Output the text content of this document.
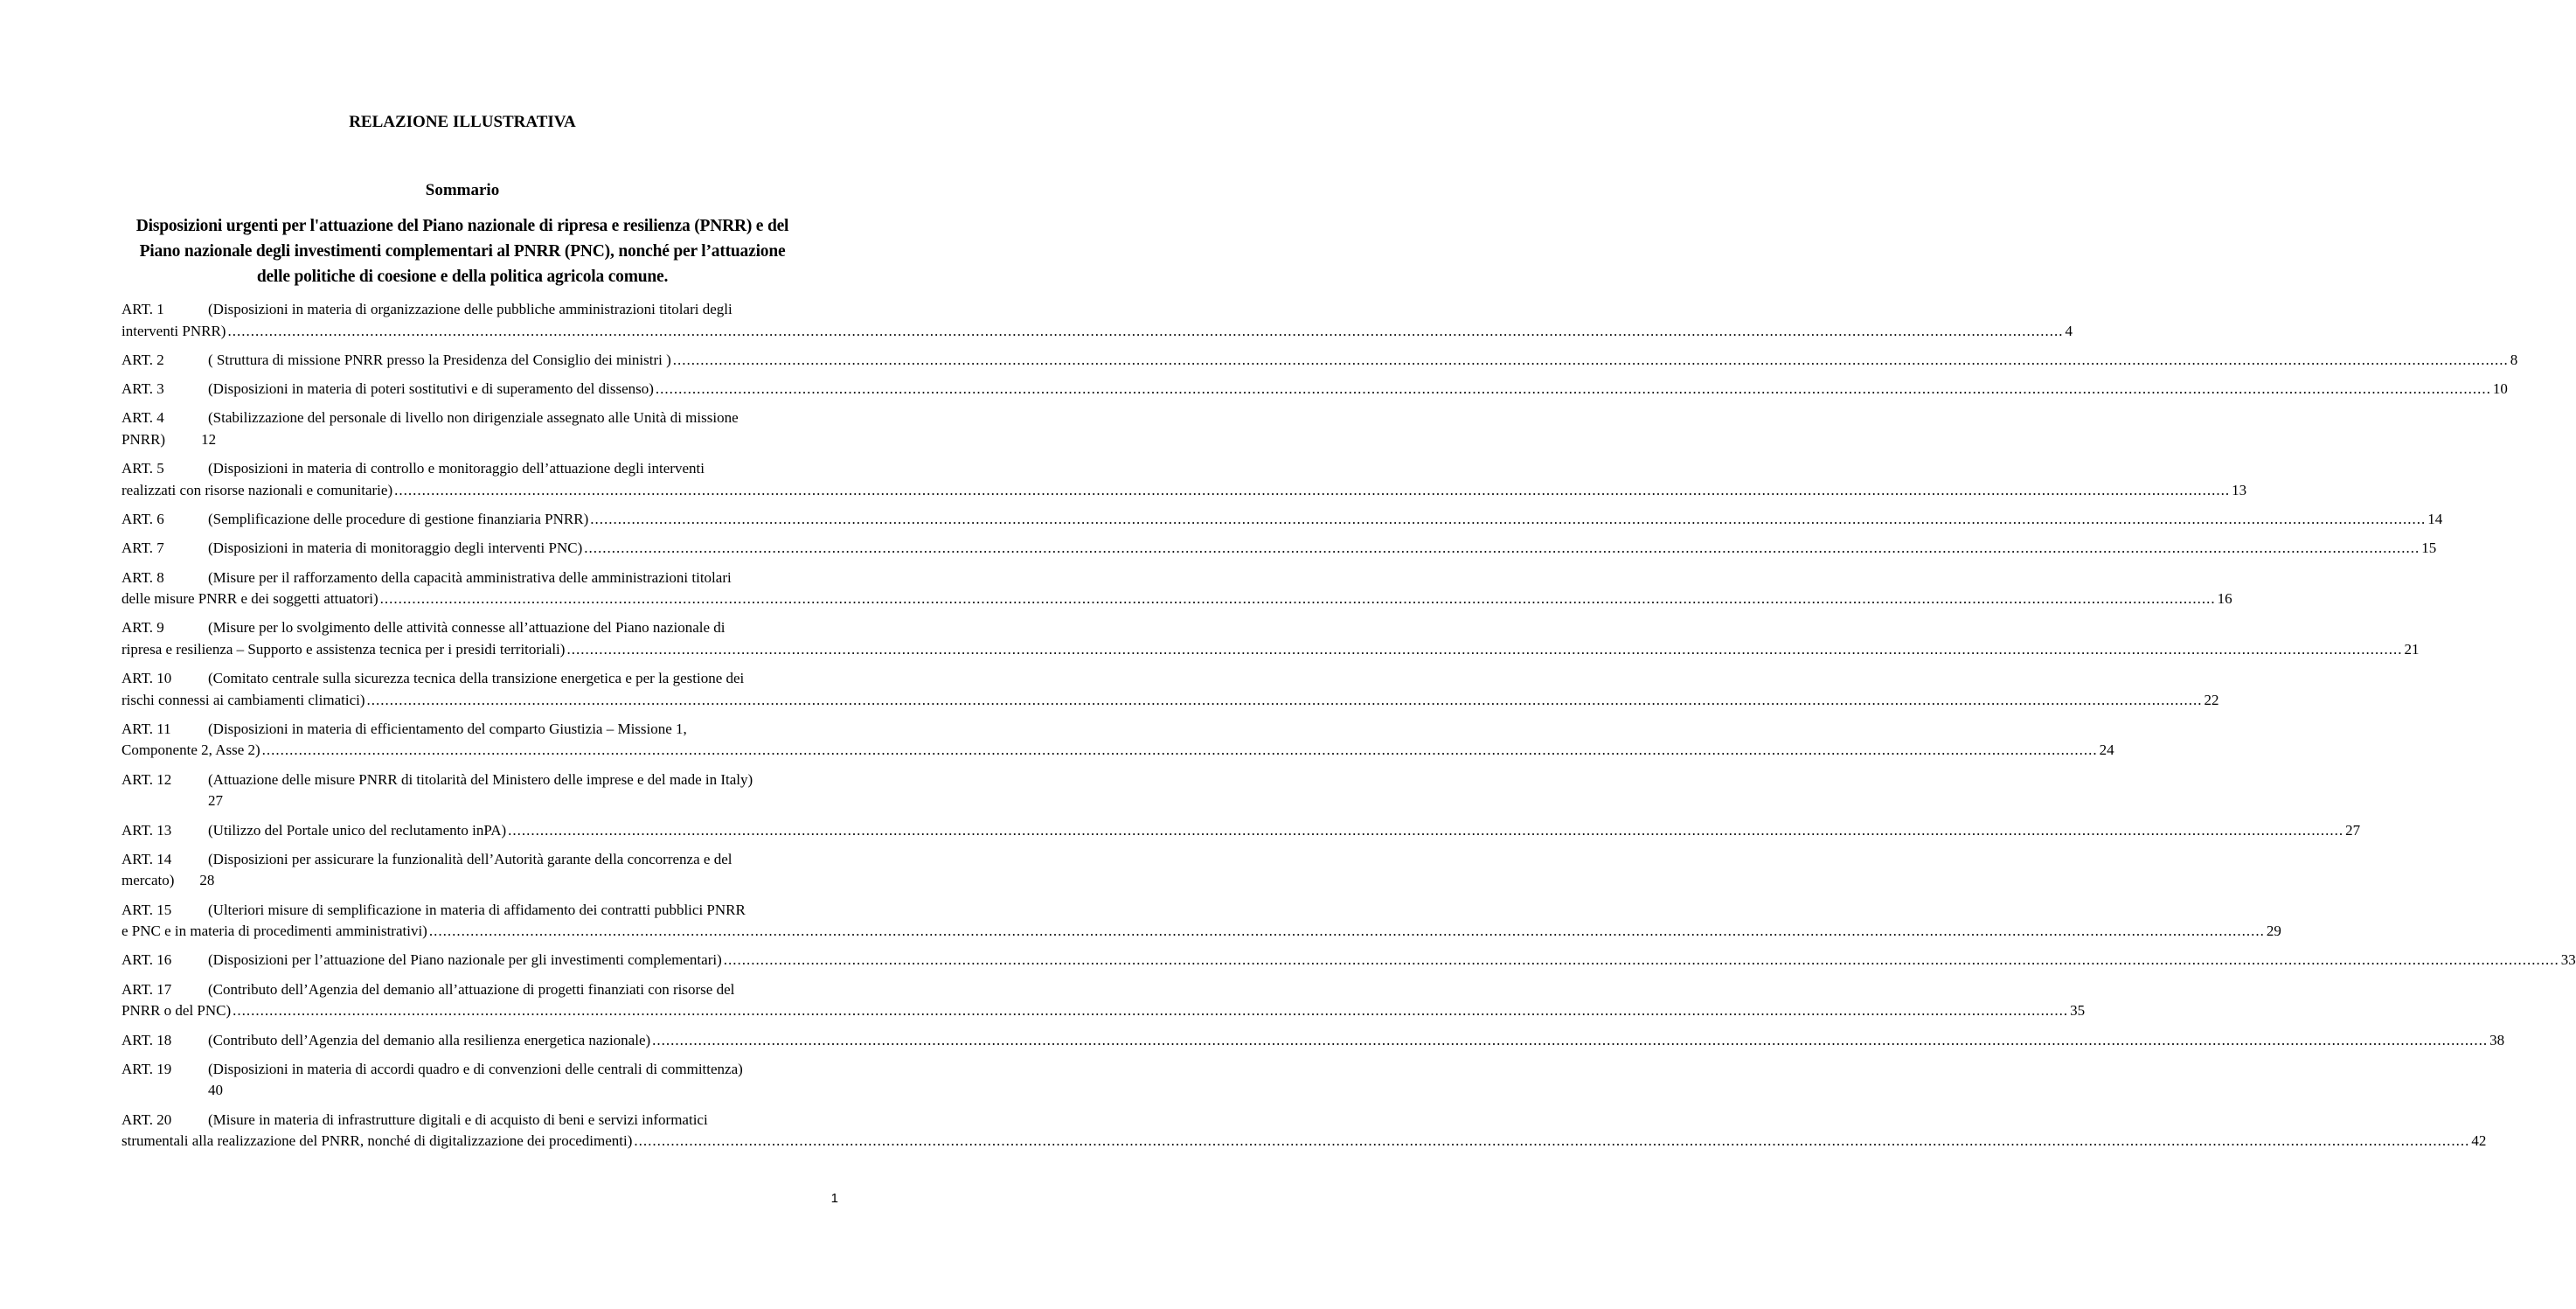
RELAZIONE ILLUSTRATIVA
Sommario
Disposizioni urgenti per l'attuazione del Piano nazionale di ripresa e resilienza (PNRR) e del
Piano nazionale degli investimenti complementari al PNRR (PNC), nonché per l’attuazione
delle politiche di coesione e della politica agricola comune.

ART. 1	(Disposizioni in materia di organizzazione delle pubbliche amministrazioni titolari degli

interventi PNRR) ................................................................................................................................................................................................................................................................................................................................................................................................................ 4
ART. 2	( Struttura di missione PNRR presso la Presidenza del Consiglio dei ministri ) ................................................................................................................................................................................................................................................................................................................................................................................................................ 8
ART. 3	(Disposizioni in materia di poteri sostitutivi e di superamento del dissenso) ................................................................................................................................................................................................................................................................................................................................................................................................................ 10

ART. 4	(Stabilizzazione del personale di livello non dirigenziale assegnato alle Unità di missione

PNRR) 12

ART. 5	(Disposizioni in materia di controllo e monitoraggio dell’attuazione degli interventi

realizzati con risorse nazionali e comunitarie) ................................................................................................................................................................................................................................................................................................................................................................................................................ 13
ART. 6	(Semplificazione delle procedure di gestione finanziaria PNRR) ................................................................................................................................................................................................................................................................................................................................................................................................................ 14
ART. 7	(Disposizioni in materia di monitoraggio degli interventi PNC) ................................................................................................................................................................................................................................................................................................................................................................................................................ 15

ART. 8	(Misure per il rafforzamento della capacità amministrativa delle amministrazioni titolari

delle misure PNRR e dei soggetti attuatori) ................................................................................................................................................................................................................................................................................................................................................................................................................ 16

ART. 9	(Misure per lo svolgimento delle attività connesse all’attuazione del Piano nazionale di

ripresa e resilienza – Supporto e assistenza tecnica per i presidi territoriali) ................................................................................................................................................................................................................................................................................................................................................................................................................ 21

ART. 10 (Comitato centrale sulla sicurezza tecnica della transizione energetica e per la gestione dei

rischi connessi ai cambiamenti climatici) ................................................................................................................................................................................................................................................................................................................................................................................................................ 22

ART. 11 (Disposizioni in materia di efficientamento del comparto Giustizia – Missione 1,

Componente 2, Asse 2) ................................................................................................................................................................................................................................................................................................................................................................................................................ 24

ART. 12 (Attuazione delle misure PNRR di titolarità del Ministero delle imprese e del made in Italy)

27

ART. 13 (Utilizzo del Portale unico del reclutamento inPA) ................................................................................................................................................................................................................................................................................................................................................................................................................ 27

ART. 14 (Disposizioni per assicurare la funzionalità dell’Autorità garante della concorrenza e del

mercato) 28

ART. 15 (Ulteriori misure di semplificazione in materia di affidamento dei contratti pubblici PNRR

e PNC e in materia di procedimenti amministrativi) ................................................................................................................................................................................................................................................................................................................................................................................................................ 29
ART. 16 (Disposizioni per l’attuazione del Piano nazionale per gli investimenti complementari) ................................................................................................................................................................................................................................................................................................................................................................................................................ 33

ART. 17 (Contributo dell’Agenzia del demanio all’attuazione di progetti finanziati con risorse del

PNRR o del PNC) ................................................................................................................................................................................................................................................................................................................................................................................................................ 35
ART. 18 (Contributo dell’Agenzia del demanio alla resilienza energetica nazionale) ................................................................................................................................................................................................................................................................................................................................................................................................................ 38

ART. 19 (Disposizioni in materia di accordi quadro e di convenzioni delle centrali di committenza)

40

ART. 20 (Misure in materia di infrastrutture digitali e di acquisto di beni e servizi informatici

strumentali alla realizzazione del PNRR, nonché di digitalizzazione dei procedimenti) ................................................................................................................................................................................................................................................................................................................................................................................................................ 42
1
